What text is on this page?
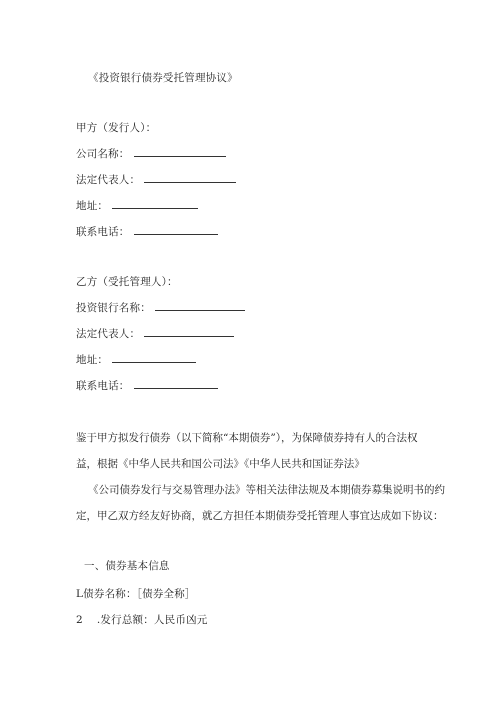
《投资银行债券受托管理协议》
甲方（发行人）：
公司名称：
法定代表人：
地址：
联系电话：
乙方（受托管理人）：
投资银行名称：
法定代表人：
地址：
联系电话：
鉴于甲方拟发行债券（以下简称“本期债券”），为保障债券持有人的合法权
益，根据《中华人民共和国公司法》《中华人民共和国证券法》
《公司债券发行与交易管理办法》等相关法律法规及本期债券募集说明书的约
定，甲乙双方经友好协商，就乙方担任本期债券受托管理人事宜达成如下协议：
一、债券基本信息
L债券名称：［债券全称］
2 .发行总额：人民币凶元
